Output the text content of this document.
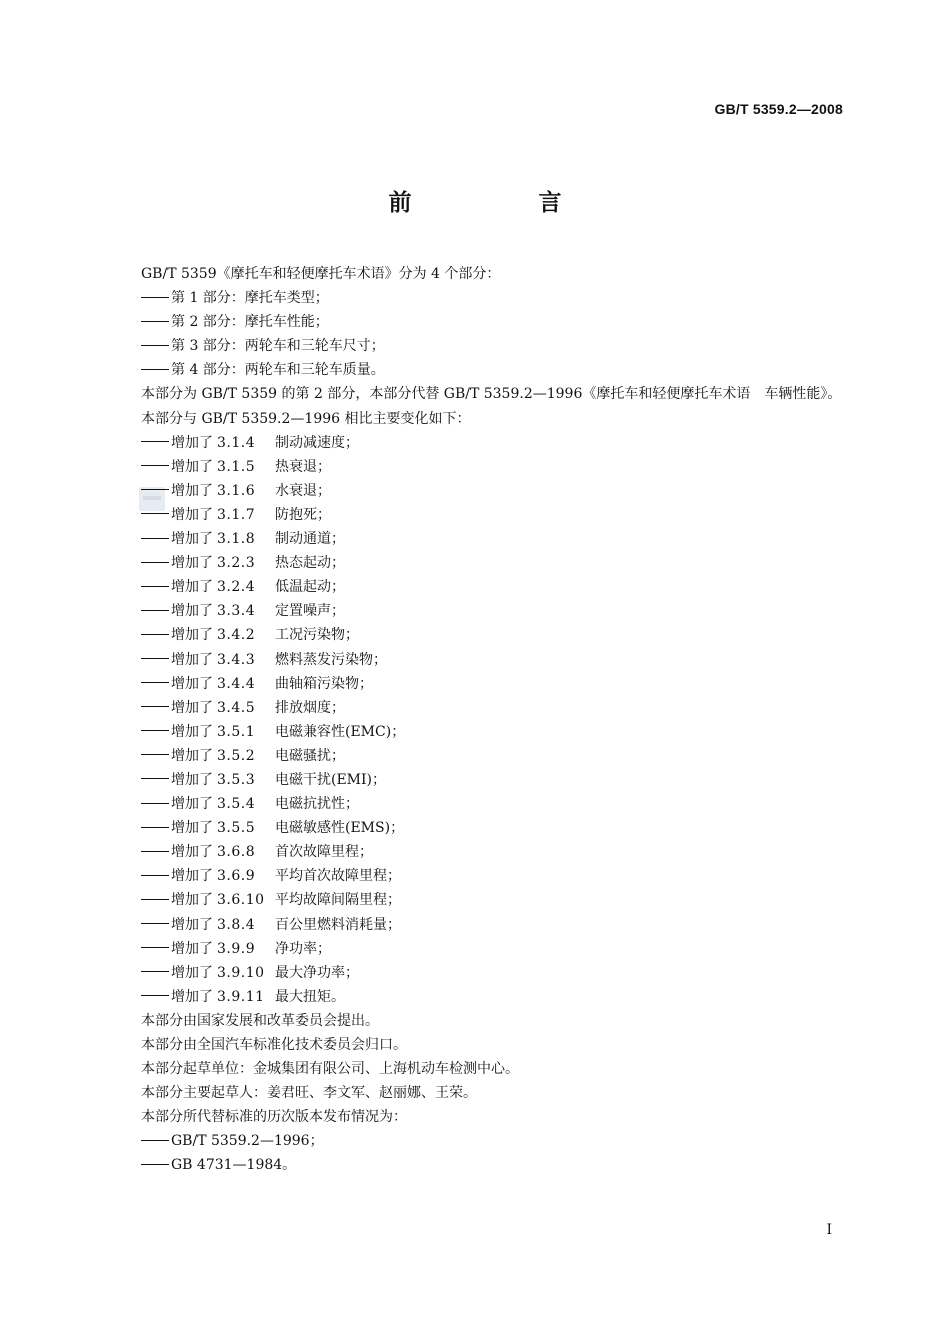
GB/T 5359.2—2008
前　言

GB/T 5359《摩托车和轻便摩托车术语》分为 4 个部分：

第 1 部分：摩托车类型；

第 2 部分：摩托车性能；

第 3 部分：两轮车和三轮车尺寸；

第 4 部分：两轮车和三轮车质量。

本部分为 GB/T 5359 的第 2 部分，本部分代替 GB/T 5359.2—1996《摩托车和轻便摩托车术语　车辆性能》。

本部分与 GB/T 5359.2—1996 相比主要变化如下：

增加了 3.1.4 制动减速度；

增加了 3.1.5 热衰退；

增加了 3.1.6 水衰退；

增加了 3.1.7 防抱死；

增加了 3.1.8 制动通道；

增加了 3.2.3 热态起动；

增加了 3.2.4 低温起动；

增加了 3.3.4 定置噪声；

增加了 3.4.2 工况污染物；

增加了 3.4.3 燃料蒸发污染物；

增加了 3.4.4 曲轴箱污染物；

增加了 3.4.5 排放烟度；

增加了 3.5.1 电磁兼容性(EMC)；

增加了 3.5.2 电磁骚扰；

增加了 3.5.3 电磁干扰(EMI)；

增加了 3.5.4 电磁抗扰性；

增加了 3.5.5 电磁敏感性(EMS)；

增加了 3.6.8 首次故障里程；

增加了 3.6.9 平均首次故障里程；

增加了 3.6.10 平均故障间隔里程；

增加了 3.8.4 百公里燃料消耗量；

增加了 3.9.9 净功率；

增加了 3.9.10 最大净功率；

增加了 3.9.11 最大扭矩。

本部分由国家发展和改革委员会提出。

本部分由全国汽车标准化技术委员会归口。

本部分起草单位：金城集团有限公司、上海机动车检测中心。

本部分主要起草人：姜君旺、李文军、赵丽娜、王荣。

本部分所代替标准的历次版本发布情况为：

GB/T 5359.2—1996；

GB 4731—1984。

I
